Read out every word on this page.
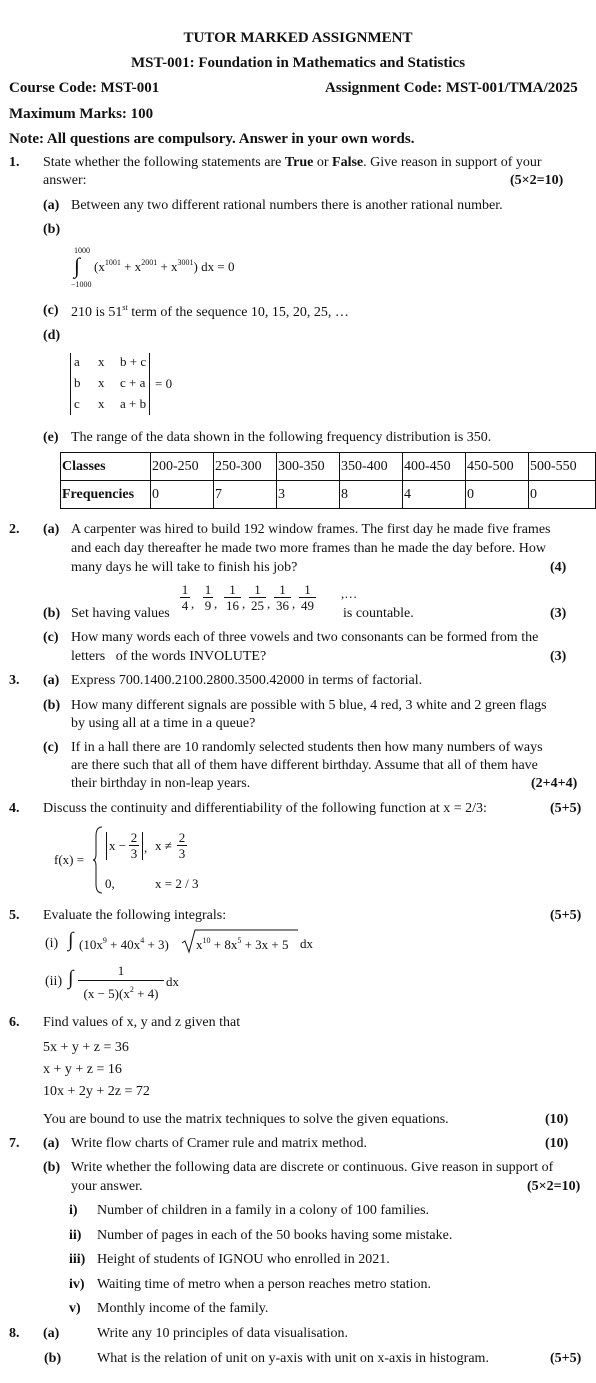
TUTOR MARKED ASSIGNMENT
MST-001: Foundation in Mathematics and Statistics
Course Code: MST-001	Assignment Code: MST-001/TMA/2025
Maximum Marks: 100
Note: All questions are compulsory. Answer in your own words.
1. State whether the following statements are True or False. Give reason in support of your
answer:	(5×2=10)
(a) Between any two different rational numbers there is another rational number.
(b)
1000
∫
−1000
$(x^{1001} + x^{2001} + x^{3001})$ dx = 0
(c) 210 is 51st term of the sequence 10, 15, 20, 25, …
(d)
a x b + c
b x c + a
c x a + b
= 0
(e) The range of the data shown in the following frequency distribution is 350.
Classes	200-250	250-300	300-350	350-400	400-450	450-500	500-550
Frequencies	0	7	3	8	4	0	0
2. (a) A carpenter was hired to build 192 window frames. The first day he made five frames
and each day thereafter he made two more frames than he made the day before. How
many days he will take to finish his job?	(4)
(b) Set having values
$\frac{1}{4}$ , $\frac{1}{9}$ , $\frac{1}{16}$ , $\frac{1}{25}$ , $\frac{1}{36}$ , $\frac{1}{49}$ ,…
is countable.	(3)
(c) How many words each of three vowels and two consonants can be formed from the
letters   of the words INVOLUTE?	(3)
3. (a) Express 700.1400.2100.2800.3500.42000 in terms of factorial.
(b) How many different signals are possible with 5 blue, 4 red, 3 white and 2 green flags
by using all at a time in a queue?
(c) If in a hall there are 10 randomly selected students then how many numbers of ways
are there such that all of them have different birthday. Assume that all of them have
their birthday in non-leap years.	(2+4+4)
4. Discuss the continuity and differentiability of the following function at x = 2/3:	(5+5)
f(x) =
$x - \frac{2}{3}$ , $x \ne \frac{2}{3}$
0,	x = 2 / 3
5. Evaluate the following integrals:	(5+5)
(i) ∫ $(10x^9 + 40x^4 + 3) x^{10} + 8x^5 + 3x + 5$ dx
(ii) ∫ $\frac{1}{(x - 5)(x^2 + 4)}$ dx
6. Find values of x, y and z given that
5x + y + z = 36
x + y + z = 16
10x + 2y + 2z = 72
You are bound to use the matrix techniques to solve the given equations.	(10)
7. (a) Write flow charts of Cramer rule and matrix method.	(10)
(b) Write whether the following data are discrete or continuous. Give reason in support of
your answer.	(5×2=10)
i) Number of children in a family in a colony of 100 families.
ii) Number of pages in each of the 50 books having some mistake.
iii) Height of students of IGNOU who enrolled in 2021.
iv) Waiting time of metro when a person reaches metro station.
v) Monthly income of the family.
8. (a)	Write any 10 principles of data visualisation.
(b)	What is the relation of unit on y-axis with unit on x-axis in histogram.	(5+5)
